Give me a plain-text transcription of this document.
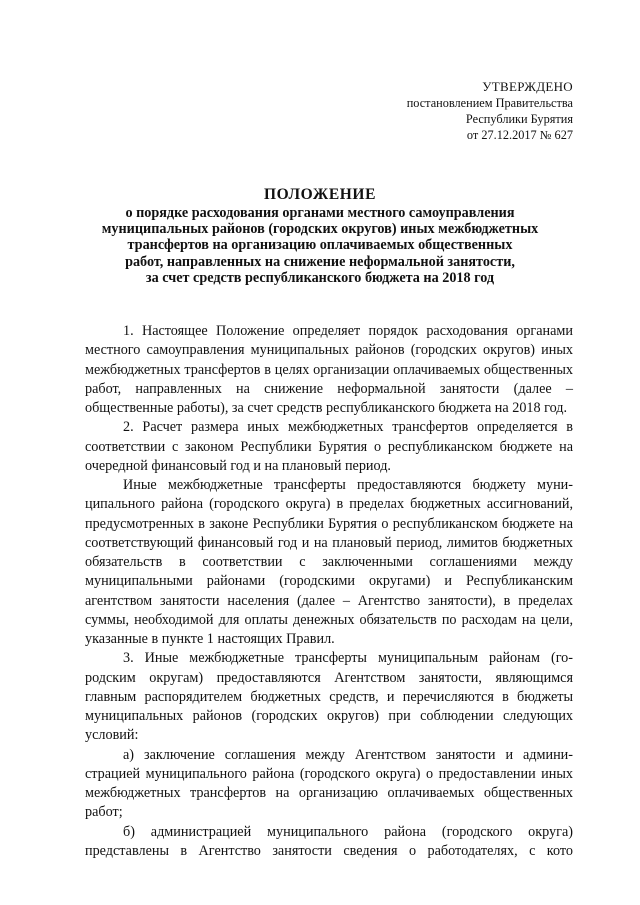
УТВЕРЖДЕНО
постановлением Правительства
Республики Бурятия
от 27.12.2017 № 627
ПОЛОЖЕНИЕ
о порядке расходования органами местного самоуправления
муниципальных районов (городских округов) иных межбюджетных
трансфертов на организацию оплачиваемых общественных
работ, направленных на снижение неформальной занятости,
за счет средств республиканского бюджета на 2018 год

1. Настоящее Положение определяет порядок расходования органами местного самоуправления муниципальных районов (городских округов) иных межбюджетных трансфертов в целях организации оплачиваемых общественных работ, направленных на снижение неформальной занятости (далее – общественные работы), за счет средств республиканского бюджета на 2018 год.

2. Расчет размера иных межбюджетных трансфертов определяется в соответствии с законом Республики Бурятия о республиканском бюджете на очередной финансовый год и на плановый период.

Иные межбюджетные трансферты предоставляются бюджету муниципального района (городского округа) в пределах бюджетных ассигнований, предусмотренных в законе Республики Бурятия о республиканском бюджете на соответствующий финансовый год и на плановый период, лимитов бюджетных обязательств в соответствии с заключенными соглашениями между муниципальными районами (городскими округами) и Республиканским агентством занятости населения (далее – Агентство занятости), в пределах суммы, необходимой для оплаты денежных обязательств по расходам на цели, указанные в пункте 1 настоящих Правил.

3. Иные межбюджетные трансферты муниципальным районам (городским округам) предоставляются Агентством занятости, являющимся главным распорядителем бюджетных средств, и перечисляются в бюджеты муниципальных районов (городских округов) при соблюдении следующих условий:

а) заключение соглашения между Агентством занятости и администрацией муниципального района (городского округа) о предоставлении иных межбюджетных трансфертов на организацию оплачиваемых общественных работ;

б) администрацией муниципального района (городского округа) представлены в Агентство занятости сведения о работодателях, с кото
